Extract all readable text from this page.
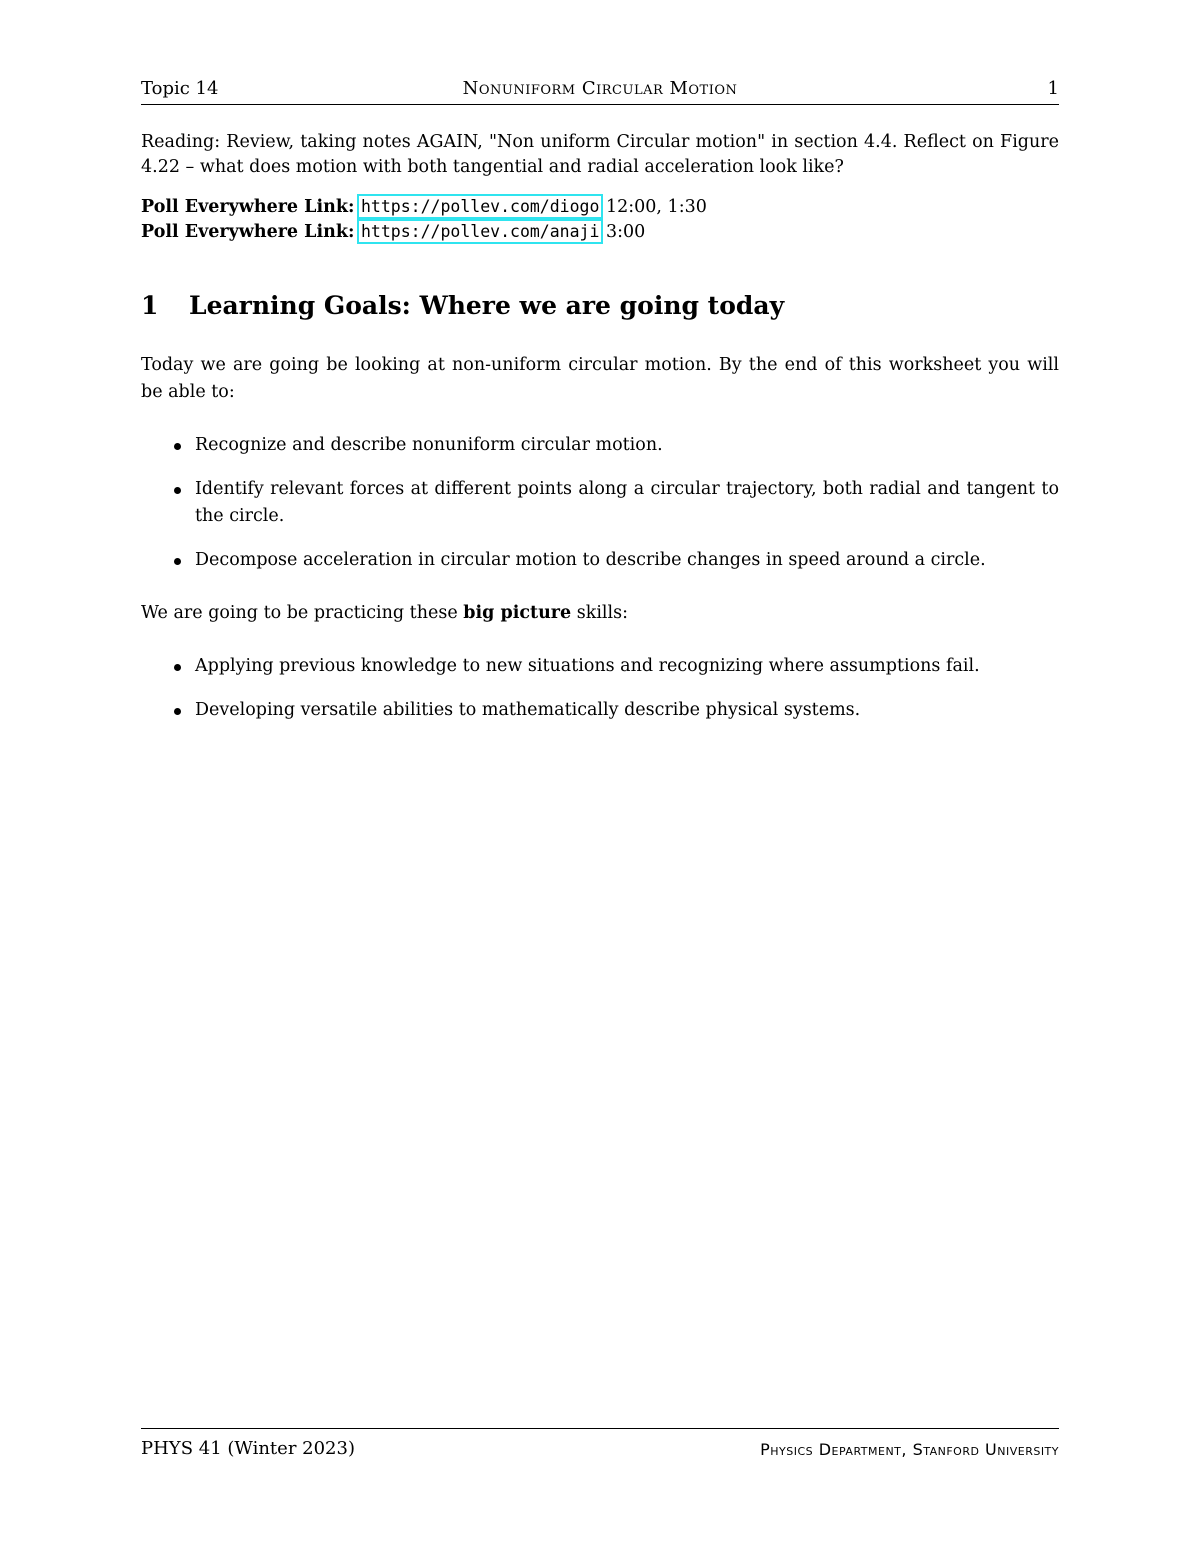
Topic 14	Nonuniform Circular Motion	1
Reading: Review, taking notes AGAIN, "Non uniform Circular motion" in section 4.4. Reflect on Figure 4.22 – what does motion with both tangential and radial acceleration look like?
Poll Everywhere Link: https://pollev.com/diogo 12:00, 1:30
Poll Everywhere Link: https://pollev.com/anaji 3:00
1 Learning Goals: Where we are going today
Today we are going be looking at non-uniform circular motion. By the end of this worksheet you will be able to:
Recognize and describe nonuniform circular motion.
Identify relevant forces at different points along a circular trajectory, both radial and tangent to the circle.
Decompose acceleration in circular motion to describe changes in speed around a circle.
We are going to be practicing these big picture skills:
Applying previous knowledge to new situations and recognizing where assumptions fail.
Developing versatile abilities to mathematically describe physical systems.
PHYS 41 (Winter 2023)	Physics Department, Stanford University
